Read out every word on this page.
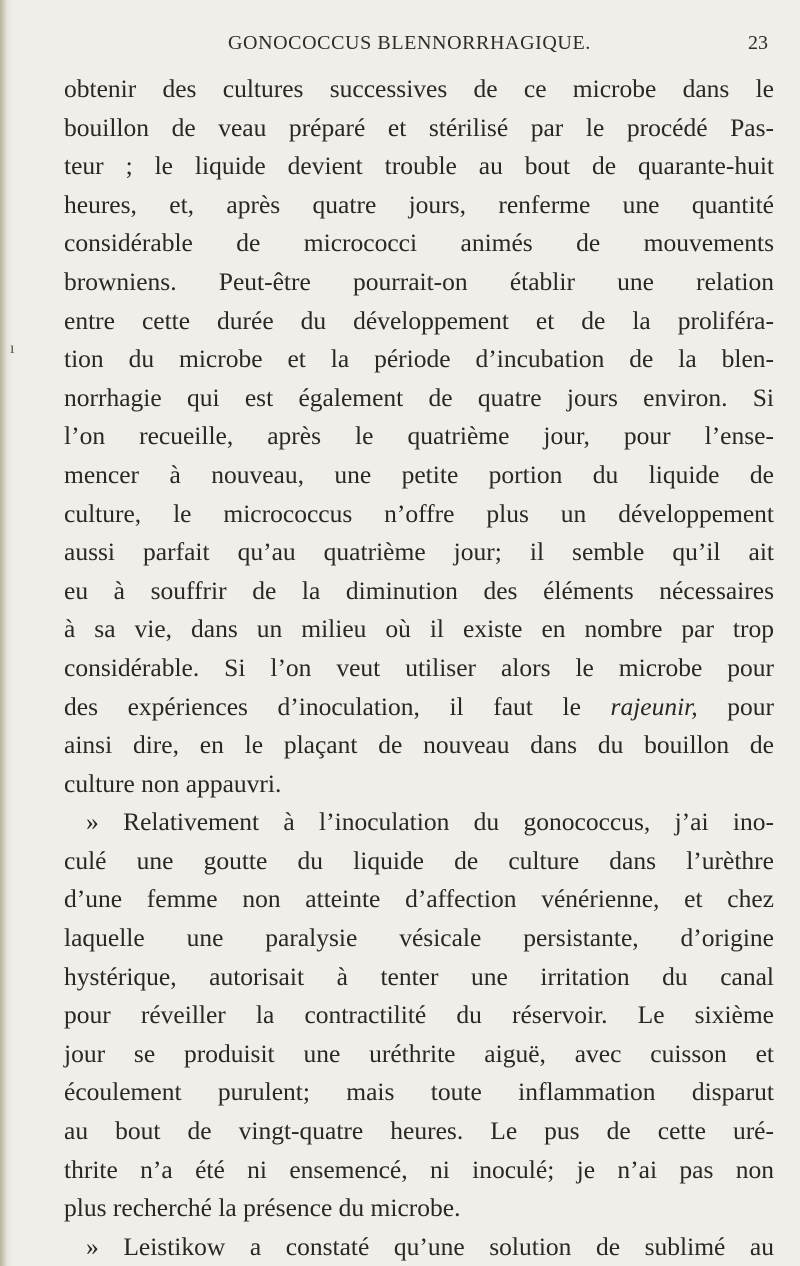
ı
GONOCOCCUS BLENNORRHAGIQUE.	23
obtenir des cultures successives de ce microbe dans le
bouillon de veau préparé et stérilisé par le procédé Pas-
teur ; le liquide devient trouble au bout de quarante-huit
heures, et, après quatre jours, renferme une quantité
considérable de micrococci animés de mouvements
browniens. Peut-être pourrait-on établir une relation
entre cette durée du développement et de la proliféra-
tion du microbe et la période d’incubation de la blen-
norrhagie qui est également de quatre jours environ. Si
l’on recueille, après le quatrième jour, pour l’ense-
mencer à nouveau, une petite portion du liquide de
culture, le micrococcus n’offre plus un développement
aussi parfait qu’au quatrième jour; il semble qu’il ait
eu à souffrir de la diminution des éléments nécessaires
à sa vie, dans un milieu où il existe en nombre par trop
considérable. Si l’on veut utiliser alors le microbe pour
des expériences d’inoculation, il faut le rajeunir, pour
ainsi dire, en le plaçant de nouveau dans du bouillon de
culture non appauvri.
» Relativement à l’inoculation du gonococcus, j’ai ino-
culé une goutte du liquide de culture dans l’urèthre
d’une femme non atteinte d’affection vénérienne, et chez
laquelle une paralysie vésicale persistante, d’origine
hystérique, autorisait à tenter une irritation du canal
pour réveiller la contractilité du réservoir. Le sixième
jour se produisit une uréthrite aiguë, avec cuisson et
écoulement purulent; mais toute inflammation disparut
au bout de vingt-quatre heures. Le pus de cette uré-
thrite n’a été ni ensemencé, ni inoculé; je n’ai pas non
plus recherché la présence du microbe.
» Leistikow a constaté qu’une solution de sublimé au
